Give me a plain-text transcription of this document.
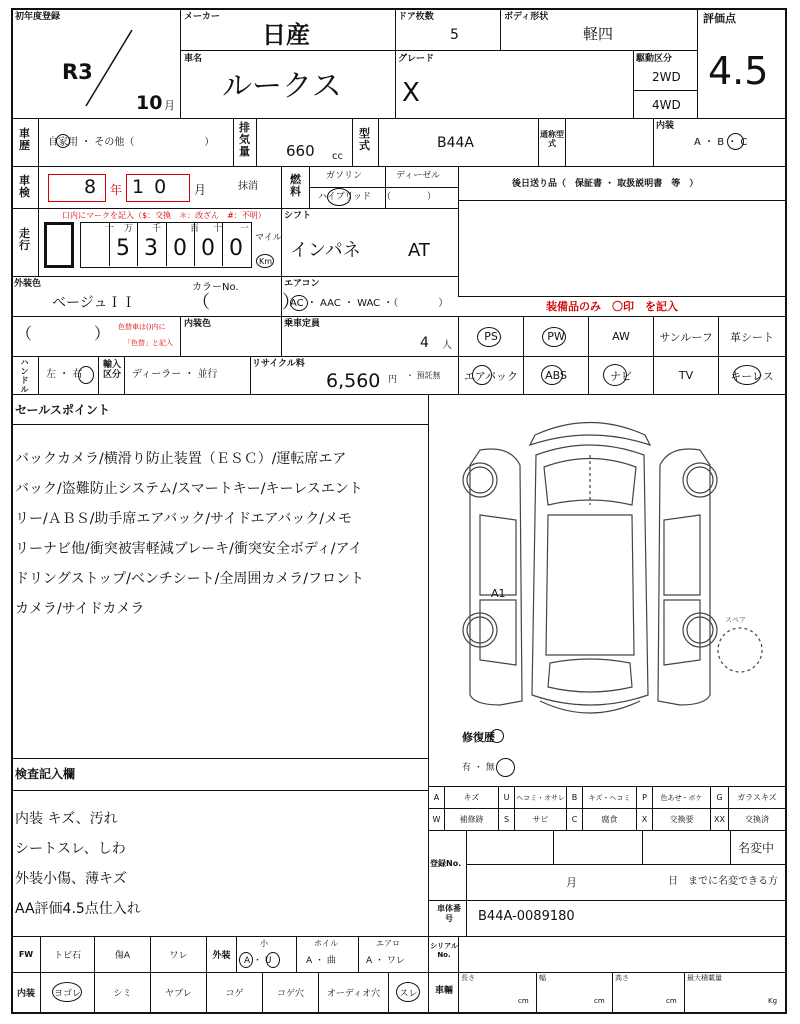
初年度登録
R3
10 月
メーカー
日産
ドア枚数
5
ボディ形状
軽四
評価点
4.5
車名
ルークス
グレード
X
駆動区分
2WD
4WD
車歴 自家用 ・ その他（　　　　　　　）
排気量 660 cc
型式	B44A
通称型式
内装
A ・ B ・ C
車検	8 年 10 月	抹消
燃料
ガソリン	ディーゼル
ハイブリッド （　　　　）
後日送り品（　保証書 ・ 取扱説明書　等　）
走行
口内にマークを記入（$：交換　＊：改ざん　#：不明）
十 万 千	百 十 一
5 3 0 0 0 マイル
Km
シフト
インパネ	AT
外装色
ベージュＩＩ
カラーNo.
（　　　　）
エアコン
AC ・ AAC ・ WAC ・（　　　　）	装備品のみ　〇印　を記入
（	） 色替車は()内に
「色替」と記入
内装色	乗車定員
4 人
PS	PW	AW	サンルーフ	革シート
エアバック	ABS	ナビ	TV	キーレス
ハンドル
左 ・ 右
輸入区分	ディーラー ・ 並行
リサイクル料
6,560 円 ・ 預託無
セールスポイント
バックカメラ/横滑り防止装置（ＥＳＣ）/運転席エア
バック/盗難防止システム/スマートキー/キーレスエント
リー/ＡＢＳ/助手席エアバック/サイドエアバック/メモ
リーナビ他/衝突被害軽減ブレーキ/衝突安全ボディ/アイ
ドリングストップ/ベンチシート/全周囲カメラ/フロント
カメラ/サイドカメラ
A1
スペア
修復歴
有 ・ 無
検査記入欄
内装 キズ、汚れ
シートスレ、しわ
外装小傷、薄キズ
AA評価4.5点仕入れ
A	キズ	U ヘコミ・オサレ B	キズ・ヘコミ	P	色あせ・ボケ	G	ガラスキズ
W	補修跡	S	サビ	C	腐食	X	交換要	XX	交換済
登録No.
名変中
月	日　までに名変できる方
車体番号	B44A-0089180
FW	トビ石	傷A	ワレ	外装
小
A ・ U
ホイル
A ・ 曲
エアロ
A ・ ワレ
シリアルNo.
内装	ヨゴレ	シミ	ヤブレ	コゲ	コゲ穴	オーディオ穴	スレ	車輛
長さ
cm
幅
cm
高さ
cm
最大積載量
Kg
